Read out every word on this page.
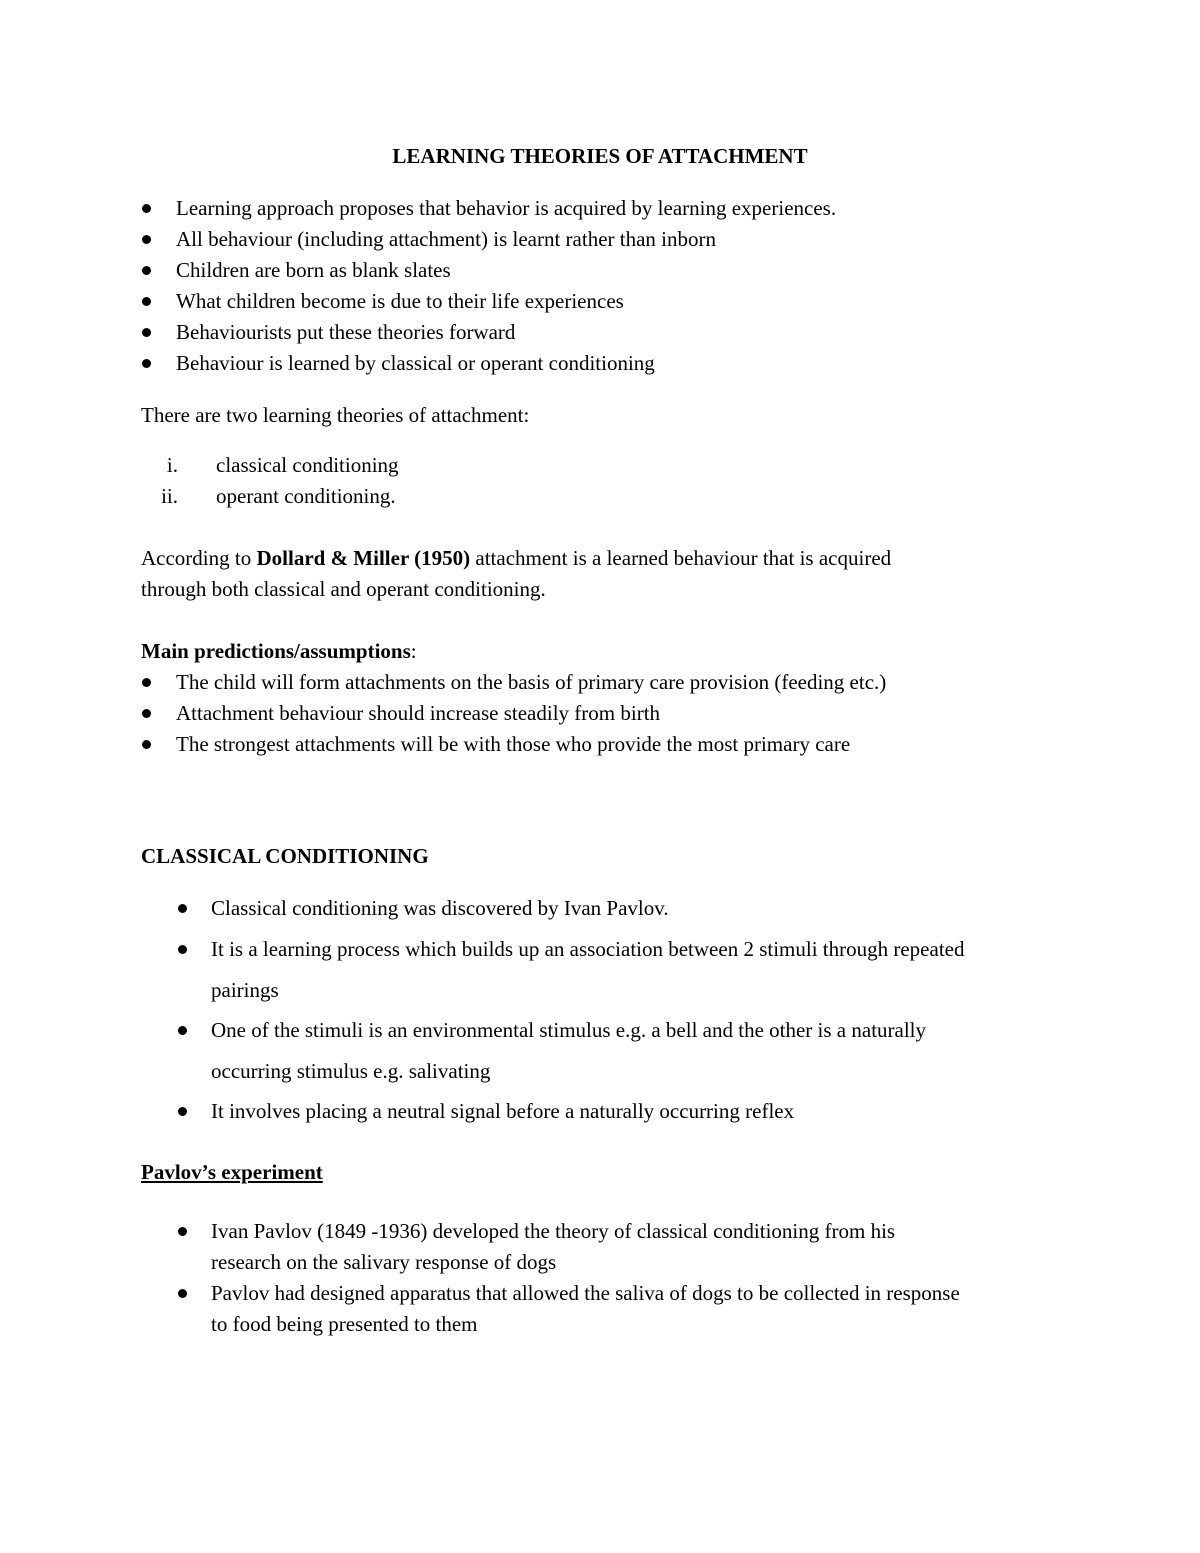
LEARNING THEORIES OF ATTACHMENT
Learning approach proposes that behavior is acquired by learning experiences.
All behaviour (including attachment) is learnt rather than inborn
Children are born as blank slates
What children become is due to their life experiences
Behaviourists put these theories forward
Behaviour is learned by classical or operant conditioning
There are two learning theories of attachment:
i. classical conditioning
ii. operant conditioning.
According to Dollard & Miller (1950) attachment is a learned behaviour that is acquired
through both classical and operant conditioning.
Main predictions/assumptions:
The child will form attachments on the basis of primary care provision (feeding etc.)
Attachment behaviour should increase steadily from birth
The strongest attachments will be with those who provide the most primary care
CLASSICAL CONDITIONING
Classical conditioning was discovered by Ivan Pavlov.
It is a learning process which builds up an association between 2 stimuli through repeated
pairings
One of the stimuli is an environmental stimulus e.g. a bell and the other is a naturally
occurring stimulus e.g. salivating
It involves placing a neutral signal before a naturally occurring reflex
Pavlov’s experiment
Ivan Pavlov (1849 -1936) developed the theory of classical conditioning from his
research on the salivary response of dogs
Pavlov had designed apparatus that allowed the saliva of dogs to be collected in response
to food being presented to them
